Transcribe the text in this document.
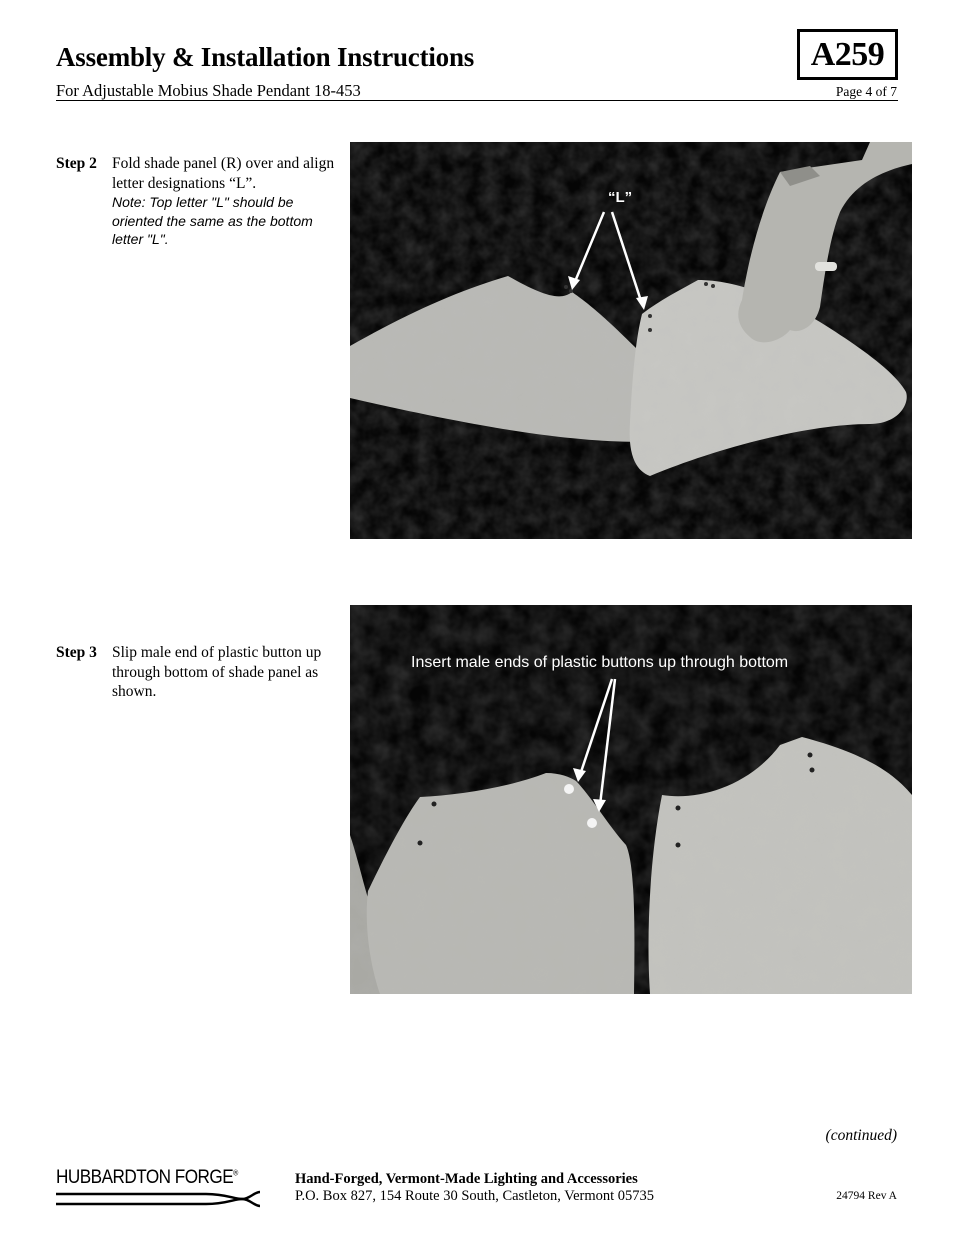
Assembly & Installation Instructions
For Adjustable Mobius Shade Pendant 18-453	Page 4 of 7
A259
Step 2 Fold shade panel (R) over and align letter designations “L”.
Note: Top letter "L" should be oriented the same as the bottom letter "L".
“L”
Step 3 Slip male end of plastic button up through bottom of shade panel as shown.
Insert male ends of plastic buttons up through bottom
(continued)
HUBBARDTON FORGE®	Hand-Forged, Vermont-Made Lighting and Accessories
P.O. Box 827, 154 Route 30 South, Castleton, Vermont 05735	24794 Rev A
